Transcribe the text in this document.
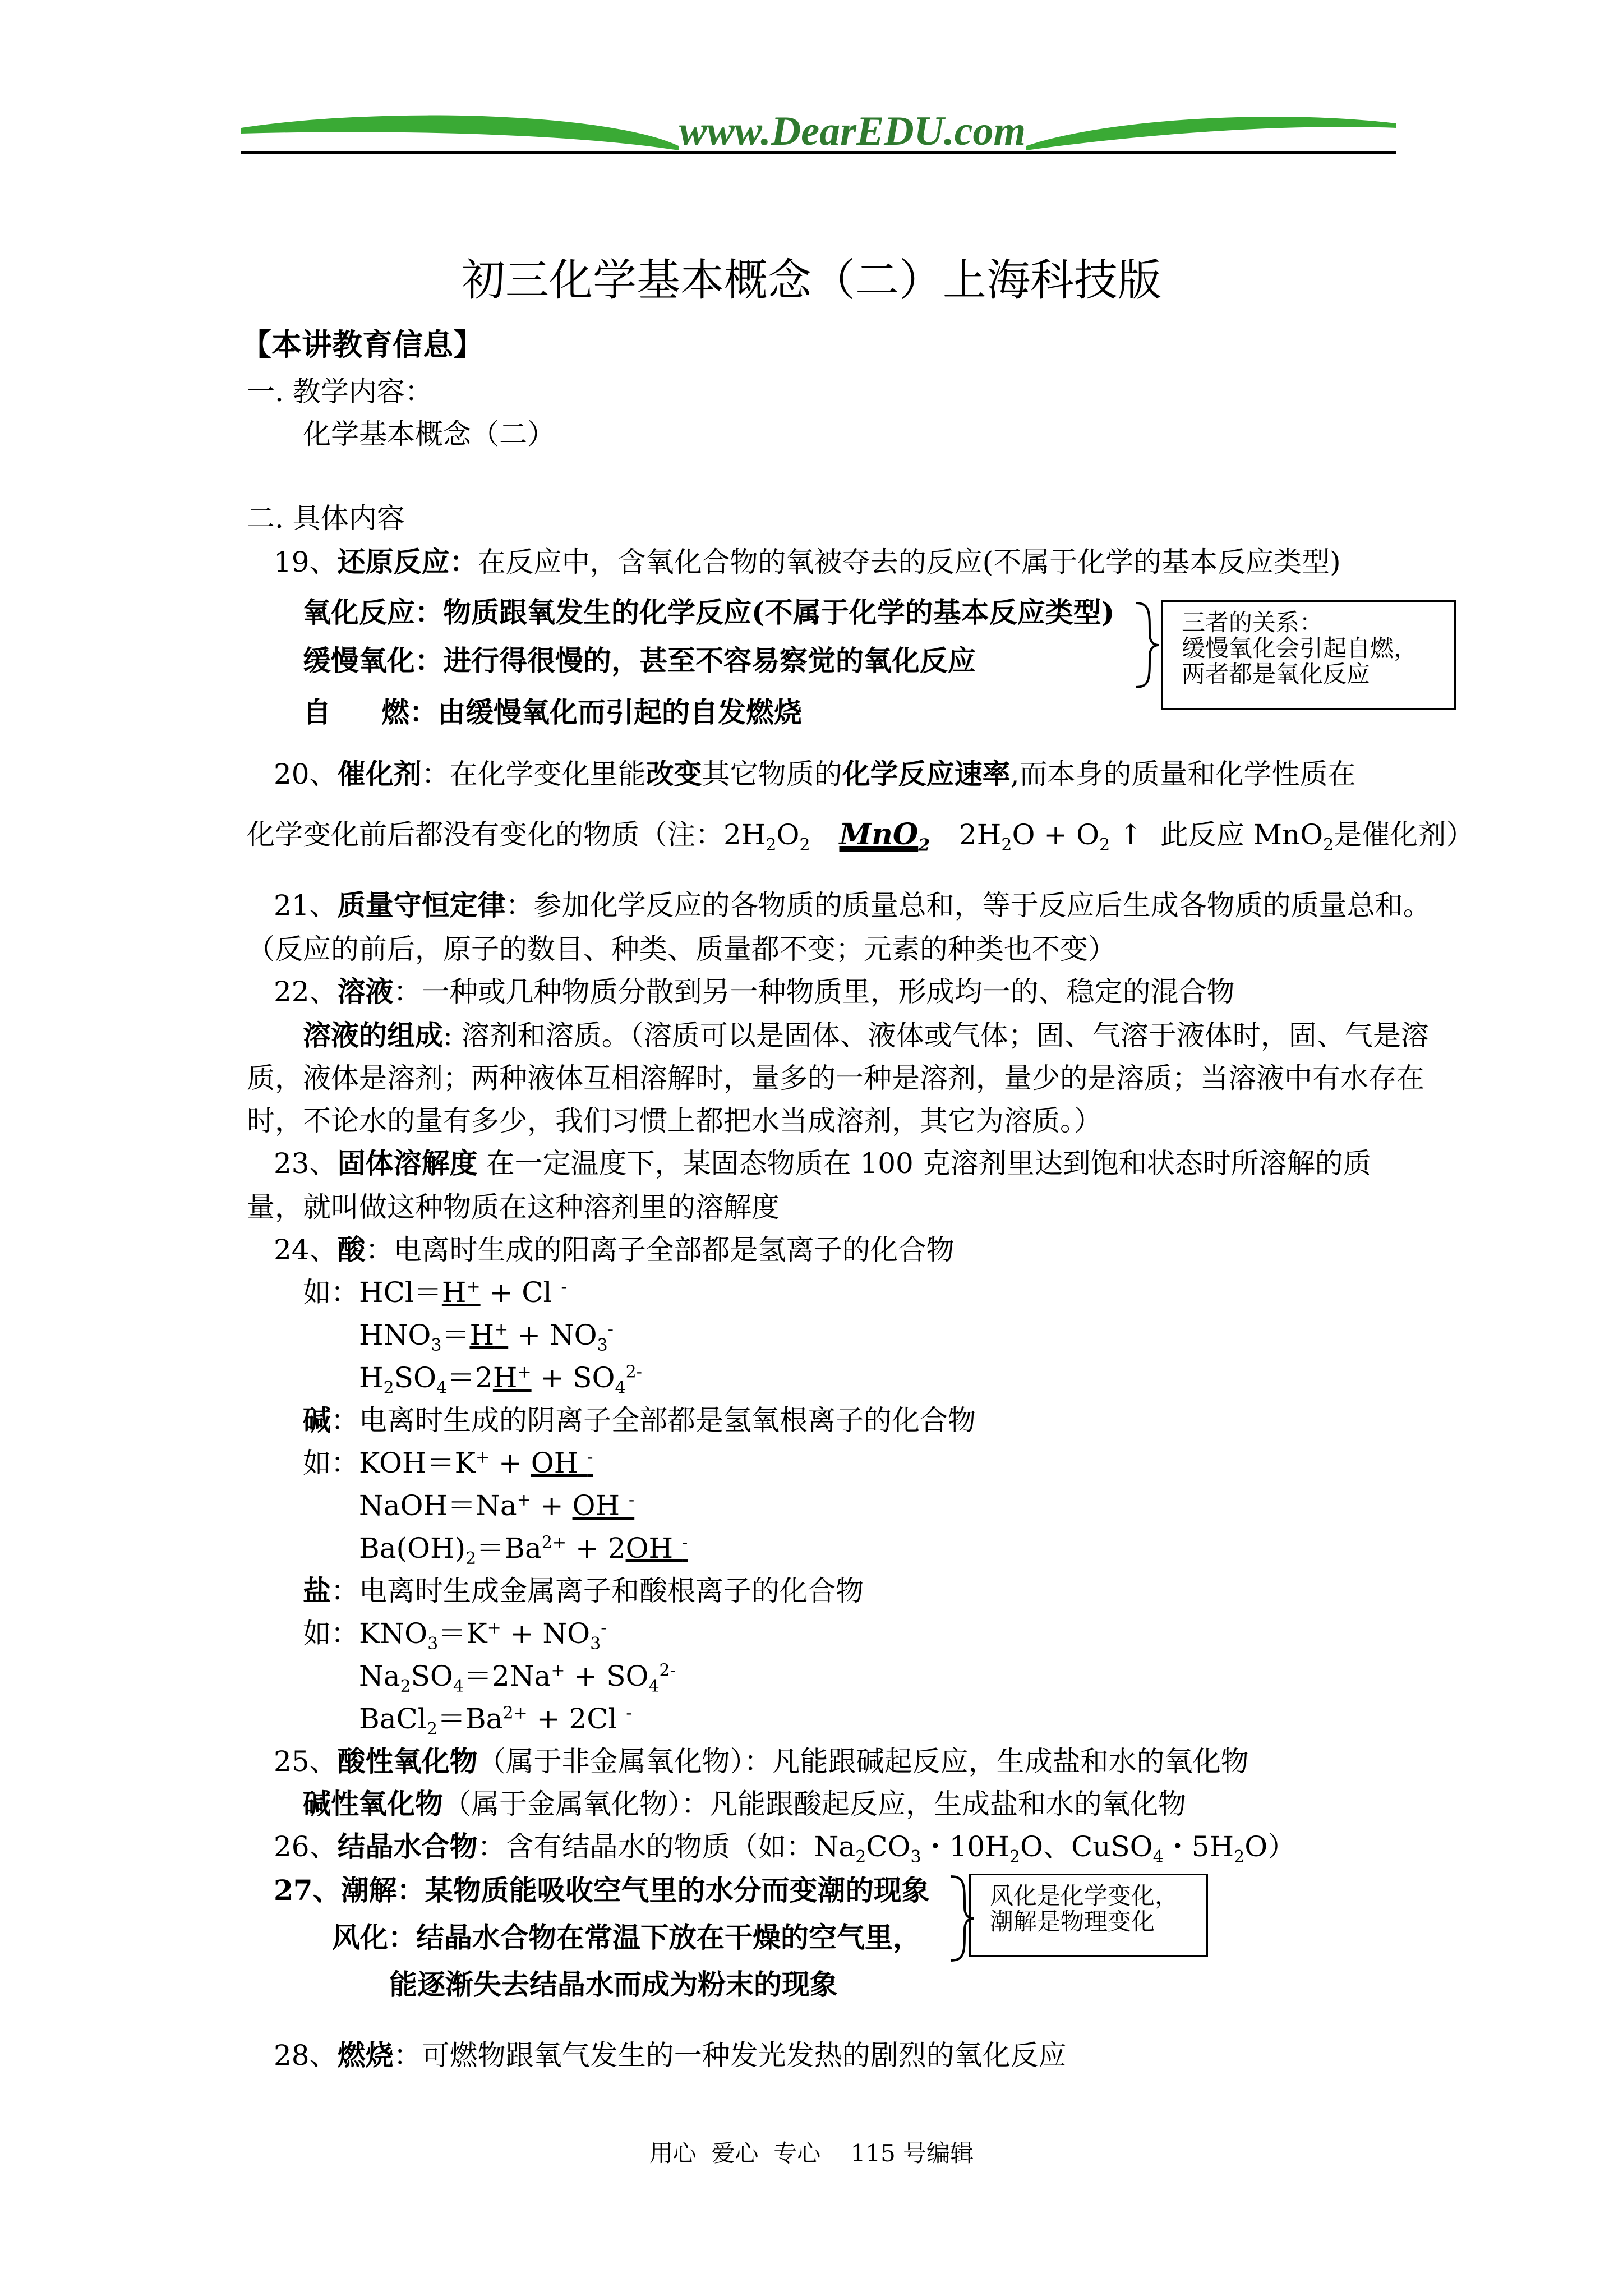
www.DearEDU.com
初三化学基本概念（二）上海科技版
【本讲教育信息】
一. 教学内容：
化学基本概念（二）
二. 具体内容
19、还原反应：在反应中，含氧化合物的氧被夺去的反应(不属于化学的基本反应类型)
氧化反应：物质跟氧发生的化学反应(不属于化学的基本反应类型)
缓慢氧化：进行得很慢的，甚至不容易察觉的氧化反应
自 燃：由缓慢氧化而引起的自发燃烧
三者的关系：
缓慢氧化会引起自燃，
两者都是氧化反应
20、催化剂：在化学变化里能改变其它物质的化学反应速率,而本身的质量和化学性质在
化学变化前后都没有变化的物质（注：$2H_2O_2$ MnO$_2$ $2H_2O + O_2$ ↑  此反应 MnO$_2$是催化剂）
21、质量守恒定律：参加化学反应的各物质的质量总和，等于反应后生成各物质的质量总和。
（反应的前后，原子的数目、种类、质量都不变；元素的种类也不变）
22、溶液：一种或几种物质分散到另一种物质里，形成均一的、稳定的混合物
溶液的组成: 溶剂和溶质。（溶质可以是固体、液体或气体；固、气溶于液体时，固、气是溶
质，液体是溶剂；两种液体互相溶解时，量多的一种是溶剂，量少的是溶质；当溶液中有水存在
时，不论水的量有多少，我们习惯上都把水当成溶剂，其它为溶质。）
23、固体溶解度 在一定温度下，某固态物质在 100 克溶剂里达到饱和状态时所溶解的质
量，就叫做这种物质在这种溶剂里的溶解度
24、酸：电离时生成的阳离子全部都是氢离子的化合物
如：HCl＝H+ + Cl -
$HNO_3=H^+ + NO_3^-$
$H_2SO_4=2H^+ + SO_4^{2-}$
碱：电离时生成的阴离子全部都是氢氧根离子的化合物
如：KOH＝K+ + OH -
NaOH＝Na+ + OH -
$Ba(OH)_2=Ba^{2+} + 2OH$ -
盐：电离时生成金属离子和酸根离子的化合物
如：$KNO_3=K^+ + NO_3^-$
$Na_2SO_4=2Na^+ + SO_4^{2-}$
$BaCl_2=Ba^{2+} + 2Cl$ -
25、酸性氧化物（属于非金属氧化物）：凡能跟碱起反应，生成盐和水的氧化物
碱性氧化物（属于金属氧化物）：凡能跟酸起反应，生成盐和水的氧化物
26、结晶水合物：含有结晶水的物质（如：$Na_2CO_3$・$10H_2O$、CuSO$_4$・$5H_2O$）
27、潮解：某物质能吸收空气里的水分而变潮的现象
风化：结晶水合物在常温下放在干燥的空气里，
能逐渐失去结晶水而成为粉末的现象
风化是化学变化，
潮解是物理变化
28、燃烧：可燃物跟氧气发生的一种发光发热的剧烈的氧化反应
用心  爱心  专心    115 号编辑
